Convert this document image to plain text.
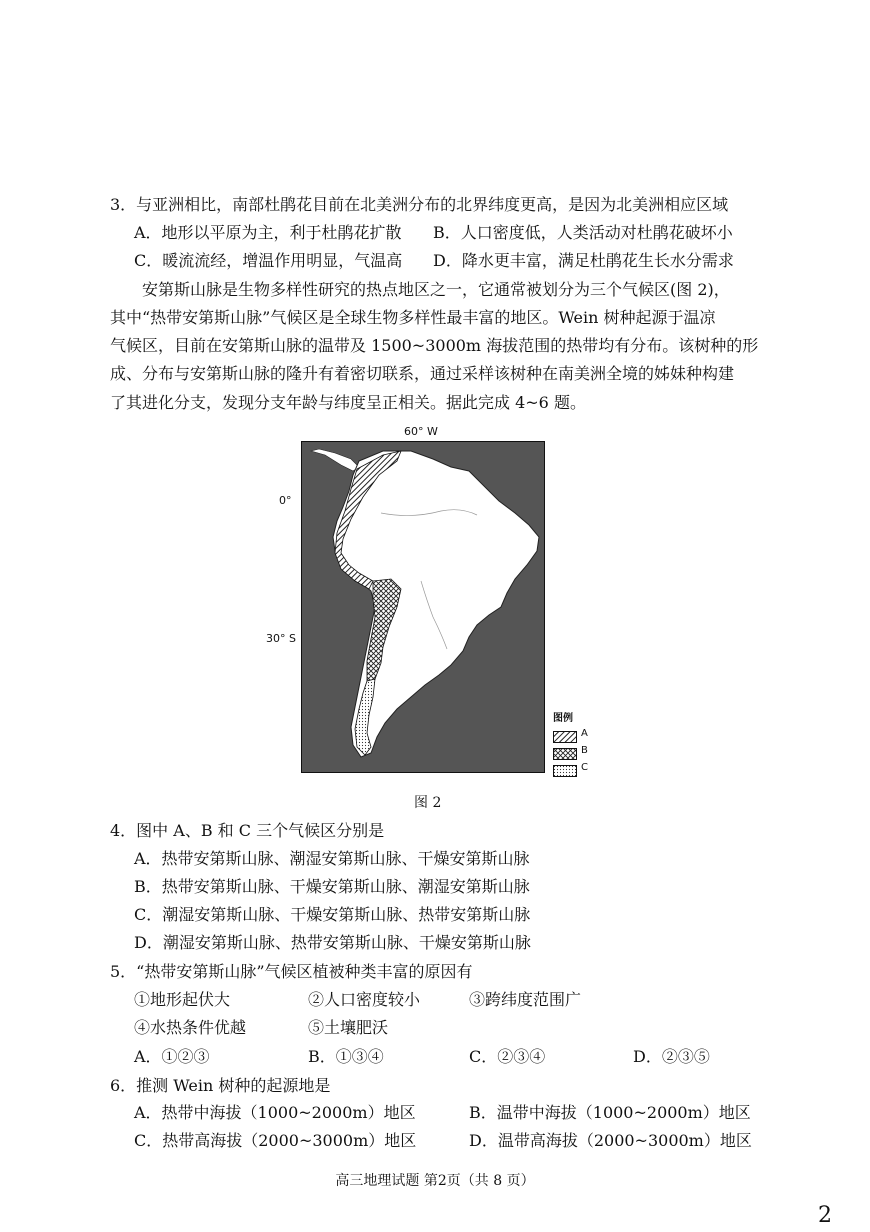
3．与亚洲相比，南部杜鹃花目前在北美洲分布的北界纬度更高，是因为北美洲相应区域
A．地形以平原为主，利于杜鹃花扩散 B．人口密度低，人类活动对杜鹃花破坏小
C．暖流流经，增温作用明显，气温高 D．降水更丰富，满足杜鹃花生长水分需求
安第斯山脉是生物多样性研究的热点地区之一，它通常被划分为三个气候区(图 2)，
其中“热带安第斯山脉”气候区是全球生物多样性最丰富的地区。Wein 树种起源于温凉
气候区，目前在安第斯山脉的温带及 1500~3000m 海拔范围的热带均有分布。该树种的形
成、分布与安第斯山脉的隆升有着密切联系，通过采样该树种在南美洲全境的姊妹种构建
了其进化分支，发现分支年龄与纬度呈正相关。据此完成 4~6 题。
60° W
0°
30° S
图例
A
B
C
图 2
4．图中 A、B 和 C 三个气候区分别是
A．热带安第斯山脉、潮湿安第斯山脉、干燥安第斯山脉
B．热带安第斯山脉、干燥安第斯山脉、潮湿安第斯山脉
C．潮湿安第斯山脉、干燥安第斯山脉、热带安第斯山脉
D．潮湿安第斯山脉、热带安第斯山脉、干燥安第斯山脉
5．“热带安第斯山脉”气候区植被种类丰富的原因有
①地形起伏大	②人口密度较小	③跨纬度范围广
④水热条件优越	⑤土壤肥沃
A．①②③	B．①③④	C．②③④	D．②③⑤
6．推测 Wein 树种的起源地是
A．热带中海拔（1000~2000m）地区	B．温带中海拔（1000~2000m）地区
C．热带高海拔（2000~3000m）地区	D．温带高海拔（2000~3000m）地区
高三地理试题 第2页（共 8 页）
2
